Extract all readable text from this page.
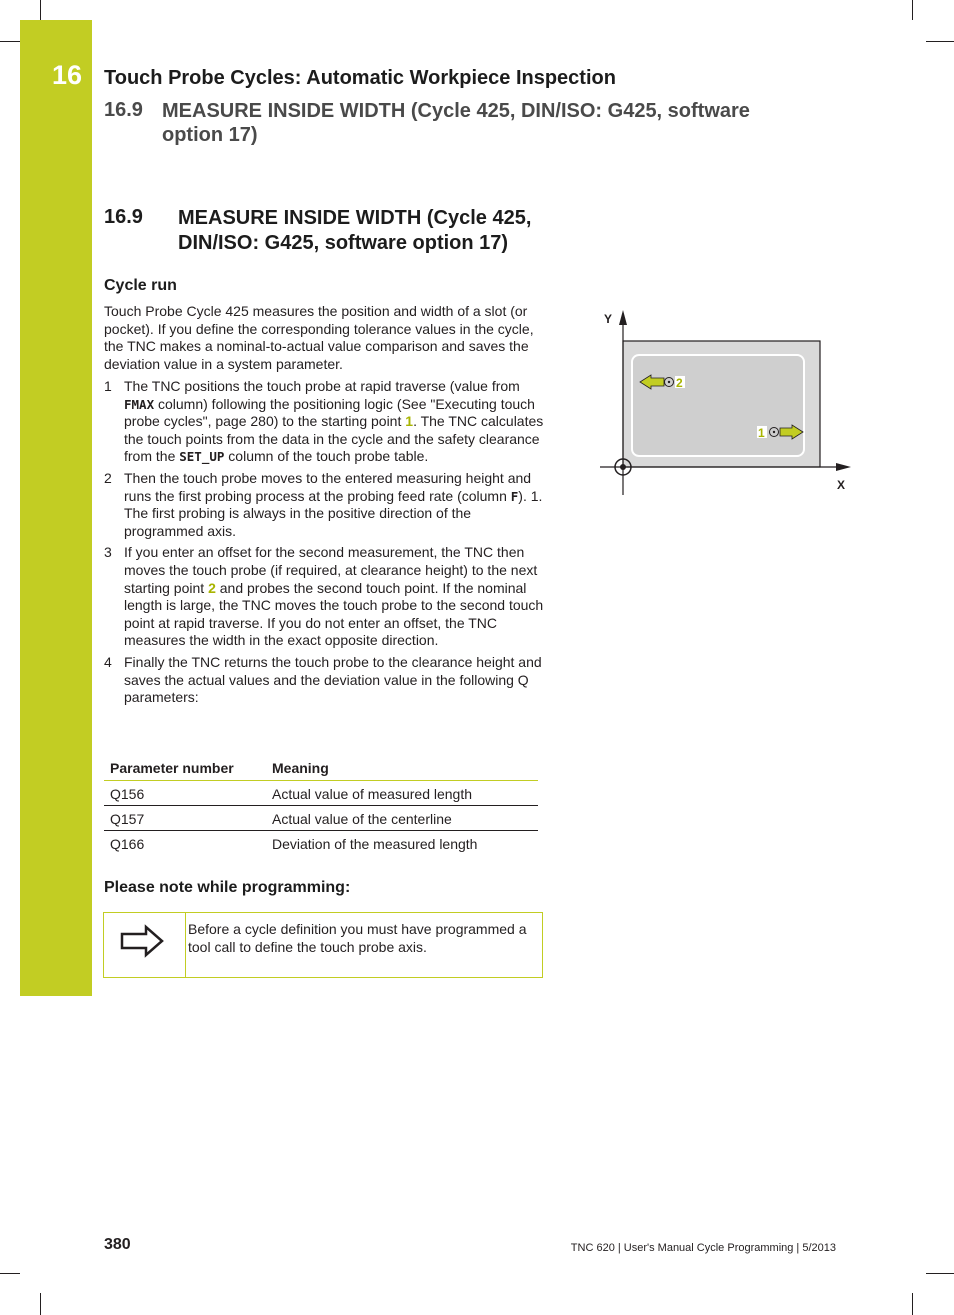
16 Touch Probe Cycles: Automatic Workpiece Inspection
16.9 MEASURE INSIDE WIDTH (Cycle 425, DIN/ISO: G425, software option 17)
16.9 MEASURE INSIDE WIDTH (Cycle 425, DIN/ISO: G425, software option 17)
Cycle run
Touch Probe Cycle 425 measures the position and width of a slot (or pocket). If you define the corresponding tolerance values in the cycle, the TNC makes a nominal-to-actual value comparison and saves the deviation value in a system parameter.
1 The TNC positions the touch probe at rapid traverse (value from FMAX column) following the positioning logic (See "Executing touch probe cycles", page 280) to the starting point 1. The TNC calculates the touch points from the data in the cycle and the safety clearance from the SET_UP column of the touch probe table.
2 Then the touch probe moves to the entered measuring height and runs the first probing process at the probing feed rate (column F). 1. The first probing is always in the positive direction of the programmed axis.
3 If you enter an offset for the second measurement, the TNC then moves the touch probe (if required, at clearance height) to the next starting point 2 and probes the second touch point. If the nominal length is large, the TNC moves the touch probe to the second touch point at rapid traverse. If you do not enter an offset, the TNC measures the width in the exact opposite direction.
4 Finally the TNC returns the touch probe to the clearance height and saves the actual values and the deviation value in the following Q parameters:
Parameter number	Meaning
Q156	Actual value of measured length
Q157	Actual value of the centerline
Q166	Deviation of the measured length
Please note while programming:
Before a cycle definition you must have programmed a tool call to define the touch probe axis.
2
1
Y
X
380	TNC 620 | User's Manual Cycle Programming | 5/2013
